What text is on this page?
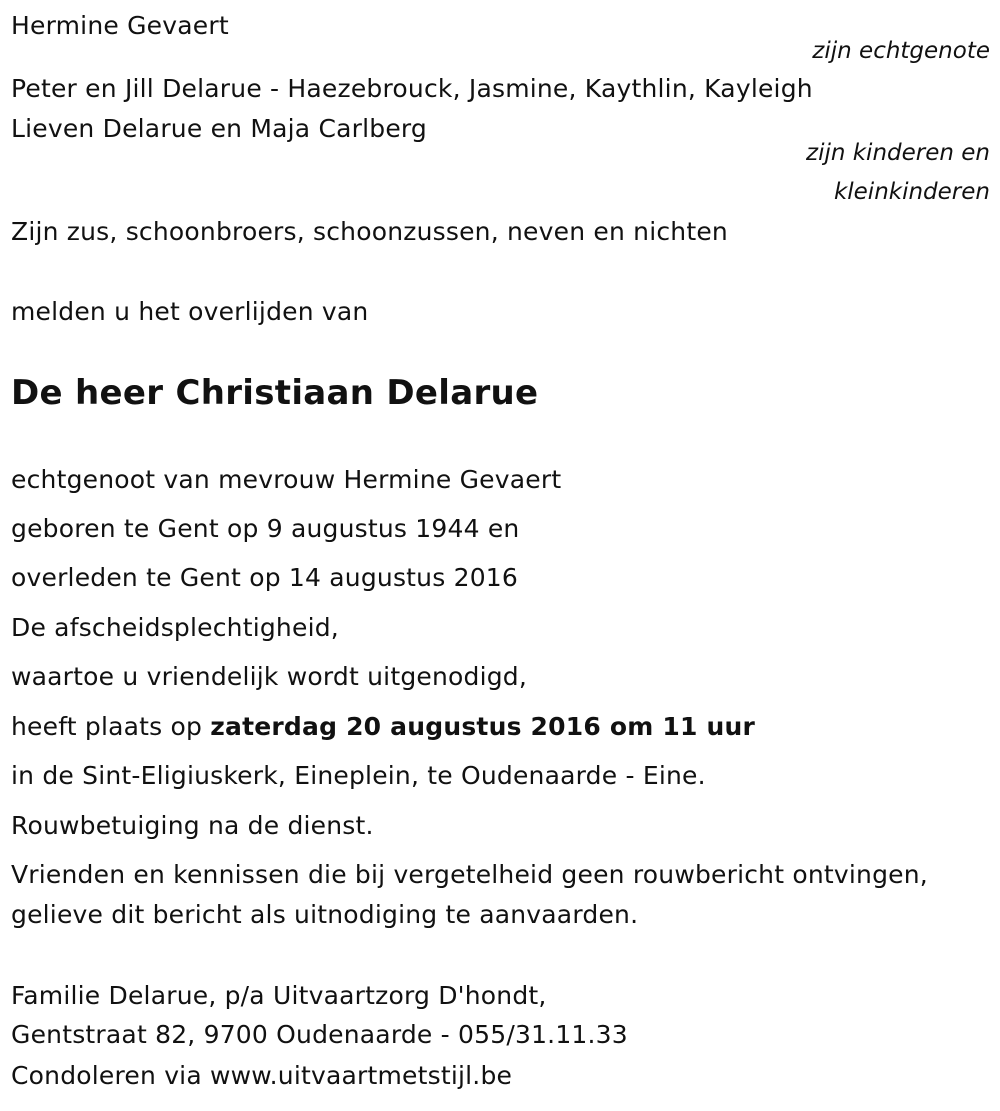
Hermine Gevaert
zijn echtgenote
Peter en Jill Delarue - Haezebrouck, Jasmine, Kaythlin, Kayleigh
Lieven Delarue en Maja Carlberg
zijn kinderen en
kleinkinderen
Zijn zus, schoonbroers, schoonzussen, neven en nichten
melden u het overlijden van
De heer Christiaan Delarue
echtgenoot van mevrouw Hermine Gevaert
geboren te Gent op 9 augustus 1944 en
overleden te Gent op 14 augustus 2016
De afscheidsplechtigheid,
waartoe u vriendelijk wordt uitgenodigd,
heeft plaats op zaterdag 20 augustus 2016 om 11 uur
in de Sint-Eligiuskerk, Eineplein, te Oudenaarde - Eine.
Rouwbetuiging na de dienst.
Vrienden en kennissen die bij vergetelheid geen rouwbericht ontvingen,
gelieve dit bericht als uitnodiging te aanvaarden.
Familie Delarue, p/a Uitvaartzorg D'hondt,
Gentstraat 82, 9700 Oudenaarde - 055/31.11.33
Condoleren via www.uitvaartmetstijl.be
